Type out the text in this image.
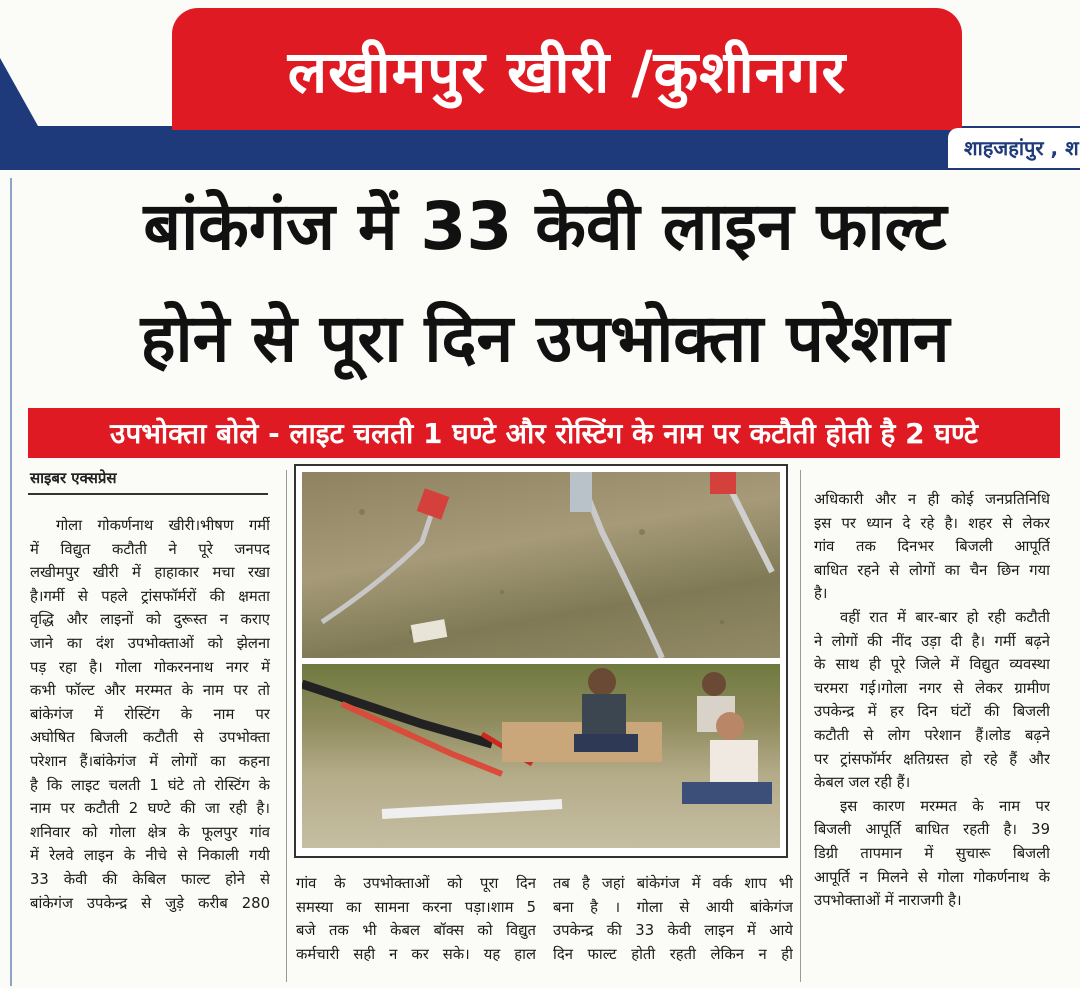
लखीमपुर खीरी /कुशीनगर
शाहजहांपुर , श
बांकेगंज में 33 केवी लाइन फाल्ट
होने से पूरा दिन उपभोक्ता परेशान
उपभोक्ता बोले - लाइट चलती 1 घण्टे और रोस्टिंग के नाम पर कटौती होती है 2 घण्टे
साइबर एक्सप्रेस
गोला गोकर्णनाथ खीरी।भीषण गर्मी
में विद्युत कटौती ने पूरे जनपद
लखीमपुर खीरी में हाहाकार मचा रखा
है।गर्मी से पहले ट्रांसफॉर्मरों की क्षमता
वृद्धि और लाइनों को दुरूस्त न कराए
जाने का दंश उपभोक्ताओं को झेलना
पड़ रहा है। गोला गोकरननाथ नगर में
कभी फॉल्ट और मरम्मत के नाम पर तो
बांकेगंज में रोस्टिंग के नाम पर
अघोषित बिजली कटौती से उपभोक्ता
परेशान हैं।बांकेगंज में लोगों का कहना
है कि लाइट चलती 1 घंटे तो रोस्टिंग के
नाम पर कटौती 2 घण्टे की जा रही है।
शनिवार को गोला क्षेत्र के फूलपुर गांव
में रेलवे लाइन के नीचे से निकाली गयी
33 केवी की केबिल फाल्ट होने से
बांकेगंज उपकेन्द्र से जुड़े करीब 280
गांव के उपभोक्ताओं को पूरा दिन
समस्या का सामना करना पड़ा।शाम 5
बजे तक भी केबल बॉक्स को विद्युत
कर्मचारी सही न कर सके। यह हाल
तब है जहां बांकेगंज में वर्क शाप भी
बना है । गोला से आयी बांकेगंज
उपकेन्द्र की 33 केवी लाइन में आये
दिन फाल्ट होती रहती लेकिन न ही
अधिकारी और न ही कोई जनप्रतिनिधि
इस पर ध्यान दे रहे है। शहर से लेकर
गांव तक दिनभर बिजली आपूर्ति
बाधित रहने से लोगों का चैन छिन गया
है।
वहीं रात में बार-बार हो रही कटौती
ने लोगों की नींद उड़ा दी है। गर्मी बढ़ने
के साथ ही पूरे जिले में विद्युत व्यवस्था
चरमरा गई।गोला नगर से लेकर ग्रामीण
उपकेन्द्र में हर दिन घंटों की बिजली
कटौती से लोग परेशान हैं।लोड बढ़ने
पर ट्रांसफॉर्मर क्षतिग्रस्त हो रहे हैं और
केबल जल रही हैं।
इस कारण मरम्मत के नाम पर
बिजली आपूर्ति बाधित रहती है। 39
डिग्री तापमान में सुचारू बिजली
आपूर्ति न मिलने से गोला गोकर्णनाथ के
उपभोक्ताओं में नाराजगी है।
